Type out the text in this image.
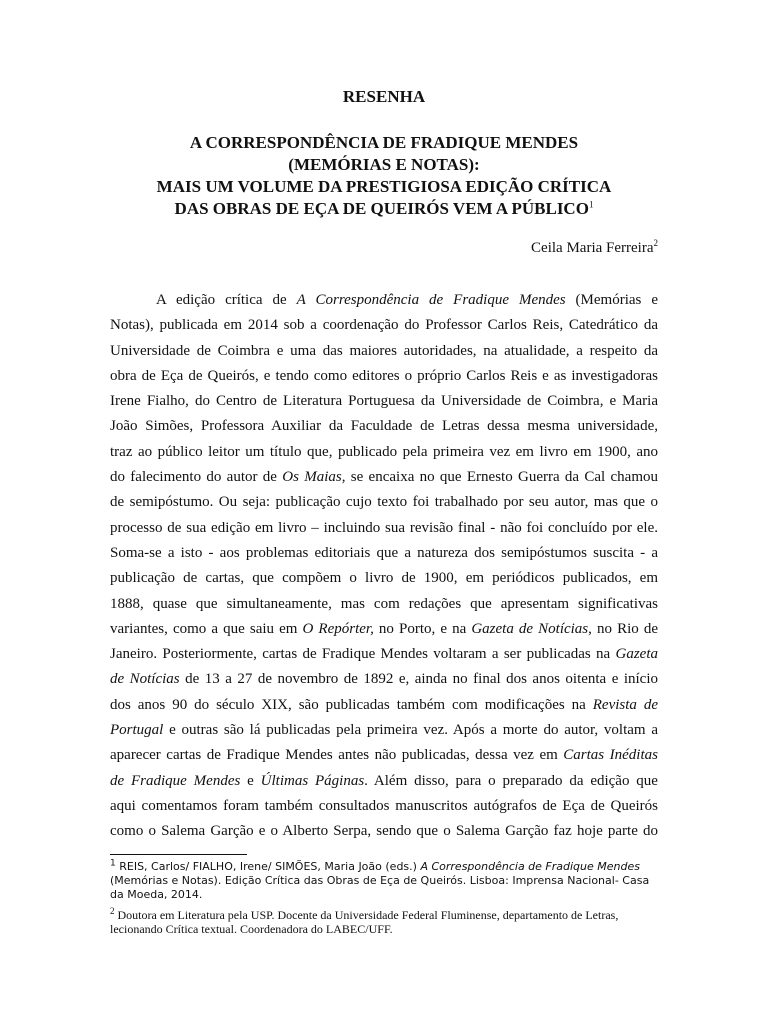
RESENHA
A CORRESPONDÊNCIA DE FRADIQUE MENDES
(MEMÓRIAS E NOTAS):
MAIS UM VOLUME DA PRESTIGIOSA EDIÇÃO CRÍTICA
DAS OBRAS DE EÇA DE QUEIRÓS VEM A PÚBLICO$^1$
Ceila Maria Ferreira$^2$
A edição crítica de A Correspondência de Fradique Mendes (Memórias e
Notas), publicada em 2014 sob a coordenação do Professor Carlos Reis, Catedrático da
Universidade de Coimbra e uma das maiores autoridades, na atualidade, a respeito da
obra de Eça de Queirós, e tendo como editores o próprio Carlos Reis e as investigadoras
Irene Fialho, do Centro de Literatura Portuguesa da Universidade de Coimbra, e Maria
João Simões, Professora Auxiliar da Faculdade de Letras dessa mesma universidade,
traz ao público leitor um título que, publicado pela primeira vez em livro em 1900, ano
do falecimento do autor de Os Maias, se encaixa no que Ernesto Guerra da Cal chamou
de semipóstumo. Ou seja: publicação cujo texto foi trabalhado por seu autor, mas que o
processo de sua edição em livro – incluindo sua revisão final - não foi concluído por ele.
Soma-se a isto - aos problemas editoriais que a natureza dos semipóstumos suscita - a
publicação de cartas, que compõem o livro de 1900, em periódicos publicados, em
1888, quase que simultaneamente, mas com redações que apresentam significativas
variantes, como a que saiu em O Repórter, no Porto, e na Gazeta de Notícias, no Rio de
Janeiro. Posteriormente, cartas de Fradique Mendes voltaram a ser publicadas na Gazeta
de Notícias de 13 a 27 de novembro de 1892 e, ainda no final dos anos oitenta e início
dos anos 90 do século XIX, são publicadas também com modificações na Revista de
Portugal e outras são lá publicadas pela primeira vez. Após a morte do autor, voltam a
aparecer cartas de Fradique Mendes antes não publicadas, dessa vez em Cartas Inéditas
de Fradique Mendes e Últimas Páginas. Além disso, para o preparado da edição que
aqui comentamos foram também consultados manuscritos autógrafos de Eça de Queirós
como o Salema Garção e o Alberto Serpa, sendo que o Salema Garção faz hoje parte do
$^1$ REIS, Carlos/ FIALHO, Irene/ SIMÕES, Maria João (eds.) A Correspondência de Fradique Mendes
(Memórias e Notas). Edição Crítica das Obras de Eça de Queirós. Lisboa: Imprensa Nacional- Casa
da Moeda, 2014.
$^2$ Doutora em Literatura pela USP. Docente da Universidade Federal Fluminense, departamento de Letras,
lecionando Crítica textual. Coordenadora do LABEC/UFF.
